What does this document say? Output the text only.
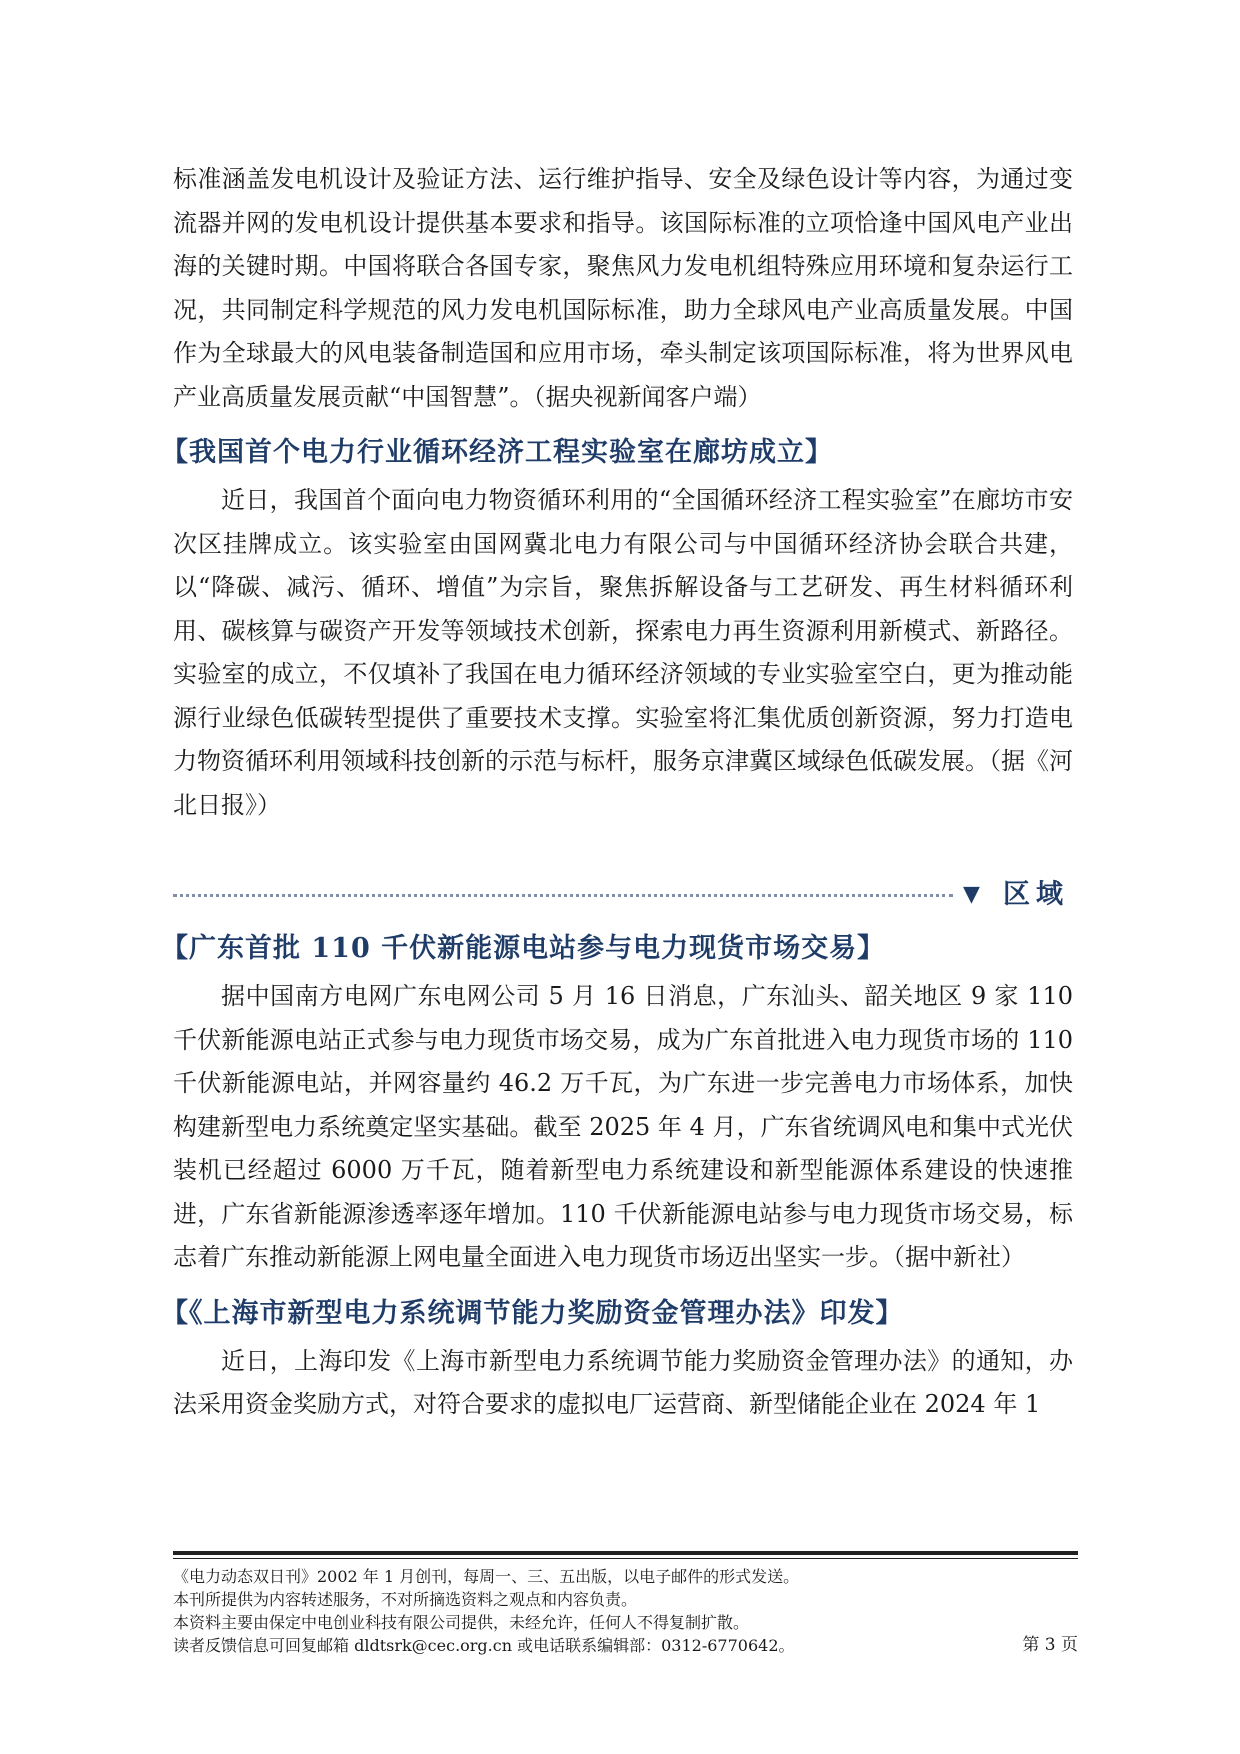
标准涵盖发电机设计及验证方法、运行维护指导、安全及绿色设计等内容，为通过变流器并网的发电机设计提供基本要求和指导。该国际标准的立项恰逢中国风电产业出海的关键时期。中国将联合各国专家，聚焦风力发电机组特殊应用环境和复杂运行工况，共同制定科学规范的风力发电机国际标准，助力全球风电产业高质量发展。中国作为全球最大的风电装备制造国和应用市场，牵头制定该项国际标准，将为世界风电产业高质量发展贡献“中国智慧”。（据央视新闻客户端）

【我国首个电力行业循环经济工程实验室在廊坊成立】

近日，我国首个面向电力物资循环利用的“全国循环经济工程实验室”在廊坊市安次区挂牌成立。该实验室由国网冀北电力有限公司与中国循环经济协会联合共建，以“降碳、减污、循环、增值”为宗旨，聚焦拆解设备与工艺研发、再生材料循环利用、碳核算与碳资产开发等领域技术创新，探索电力再生资源利用新模式、新路径。实验室的成立，不仅填补了我国在电力循环经济领域的专业实验室空白，更为推动能源行业绿色低碳转型提供了重要技术支撑。实验室将汇集优质创新资源，努力打造电力物资循环利用领域科技创新的示范与标杆，服务京津冀区域绿色低碳发展。（据《河北日报》）

▼ 区域
【广东首批 110 千伏新能源电站参与电力现货市场交易】

据中国南方电网广东电网公司 5 月 16 日消息，广东汕头、韶关地区 9 家 110 千伏新能源电站正式参与电力现货市场交易，成为广东首批进入电力现货市场的 110 千伏新能源电站，并网容量约 46.2 万千瓦，为广东进一步完善电力市场体系，加快构建新型电力系统奠定坚实基础。截至 2025 年 4 月，广东省统调风电和集中式光伏装机已经超过 6000 万千瓦，随着新型电力系统建设和新型能源体系建设的快速推进，广东省新能源渗透率逐年增加。110 千伏新能源电站参与电力现货市场交易，标志着广东推动新能源上网电量全面进入电力现货市场迈出坚实一步。（据中新社）

【《上海市新型电力系统调节能力奖励资金管理办法》印发】

近日，上海印发《上海市新型电力系统调节能力奖励资金管理办法》的通知，办法采用资金奖励方式，对符合要求的虚拟电厂运营商、新型储能企业在 2024 年 1

《电力动态双日刊》2002 年 1 月创刊，每周一、三、五出版，以电子邮件的形式发送。

本刊所提供为内容转述服务，不对所摘选资料之观点和内容负责。

本资料主要由保定中电创业科技有限公司提供，未经允许，任何人不得复制扩散。

读者反馈信息可回复邮箱 dldtsrk@cec.org.cn 或电话联系编辑部：0312-6770642。	第 3 页
